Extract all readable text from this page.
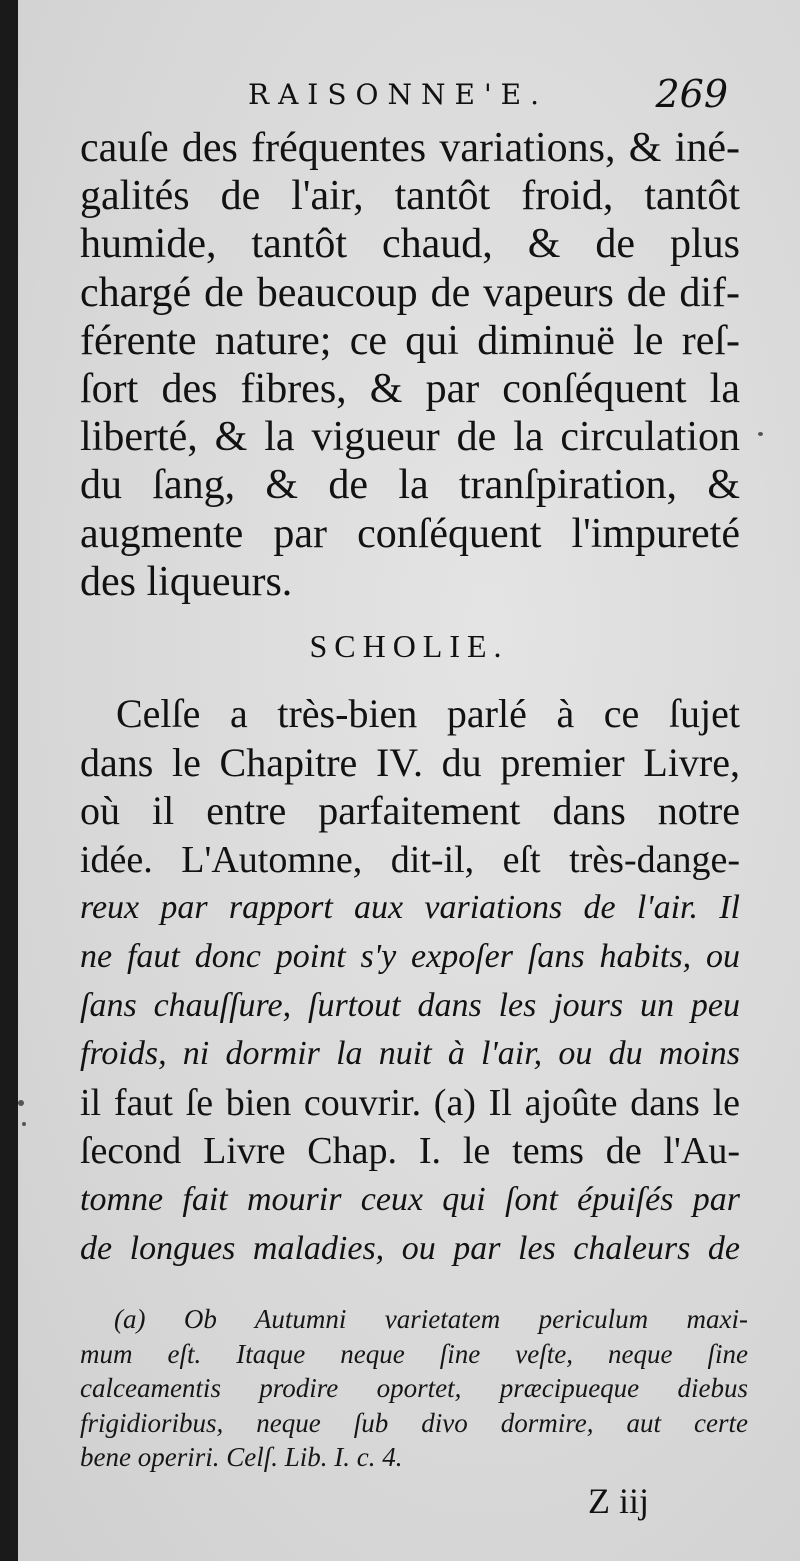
RAISONNE'E.	269
cauſe des fréquentes variations, & iné-
galités de l'air, tantôt froid, tantôt
humide, tantôt chaud, & de plus
chargé de beaucoup de vapeurs de dif-
férente nature; ce qui diminuë le reſ-
ſort des fibres, & par conſéquent la
liberté, & la vigueur de la circulation
du ſang, & de la tranſpiration, &
augmente par conſéquent l'impureté
des liqueurs.
SCHOLIE.
Celſe a très-bien parlé à ce ſujet
dans le Chapitre IV. du premier Livre,
où il entre parfaitement dans notre
idée. L'Automne, dit-il, eſt très-dange-
reux par rapport aux variations de l'air. Il
ne faut donc point s'y expoſer ſans habits, ou
ſans chauſſure, ſurtout dans les jours un peu
froids, ni dormir la nuit à l'air, ou du moins
il faut ſe bien couvrir. (a) Il ajoûte dans le
ſecond Livre Chap. I. le tems de l'Au-
tomne fait mourir ceux qui ſont épuiſés par
de longues maladies, ou par les chaleurs de
(a) Ob Autumni varietatem periculum maxi-
mum eſt. Itaque neque ſine veſte, neque ſine
calceamentis prodire oportet, præcipueque diebus
frigidioribus, neque ſub divo dormire, aut certe
bene operiri. Celſ. Lib. I. c. 4.
Z iij
